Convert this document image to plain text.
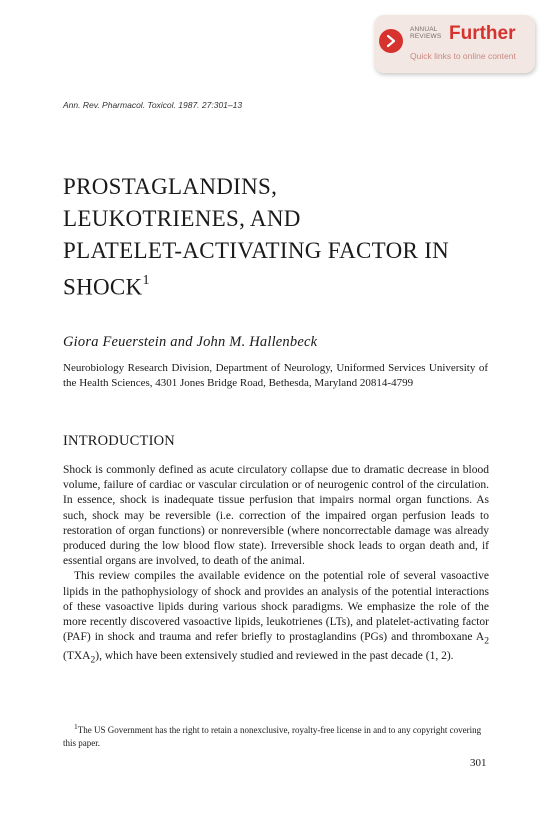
ANNUAL
REVIEWS Further
Quick links to online content
Ann. Rev. Pharmacol. Toxicol. 1987. 27:301–13
PROSTAGLANDINS,
LEUKOTRIENES, AND
PLATELET-ACTIVATING FACTOR IN
SHOCK$^1$
Giora Feuerstein and John M. Hallenbeck

Neurobiology Research Division, Department of Neurology, Uniformed Services University of the Health Sciences, 4301 Jones Bridge Road, Bethesda, Maryland 20814-4799

INTRODUCTION

Shock is commonly defined as acute circulatory collapse due to dramatic decrease in blood volume, failure of cardiac or vascular circulation or of neurogenic control of the circulation. In essence, shock is inadequate tissue perfusion that impairs normal organ functions. As such, shock may be reversible (i.e. correction of the impaired organ perfusion leads to restoration of organ functions) or nonreversible (where noncorrectable damage was already produced during the low blood flow state). Irreversible shock leads to organ death and, if essential organs are involved, to death of the animal.

This review compiles the available evidence on the potential role of several vasoactive lipids in the pathophysiology of shock and provides an analysis of the potential interactions of these vasoactive lipids during various shock paradigms. We emphasize the role of the more recently discovered vasoactive lipids, leukotrienes (LTs), and platelet-activating factor (PAF) in shock and trauma and refer briefly to prostaglandins (PGs) and thromboxane $A_2$ $(TXA_2)$, which have been extensively studied and reviewed in the past decade (1, 2).

$^1$The US Government has the right to retain a nonexclusive, royalty-free license in and to any copyright covering this paper.

301
